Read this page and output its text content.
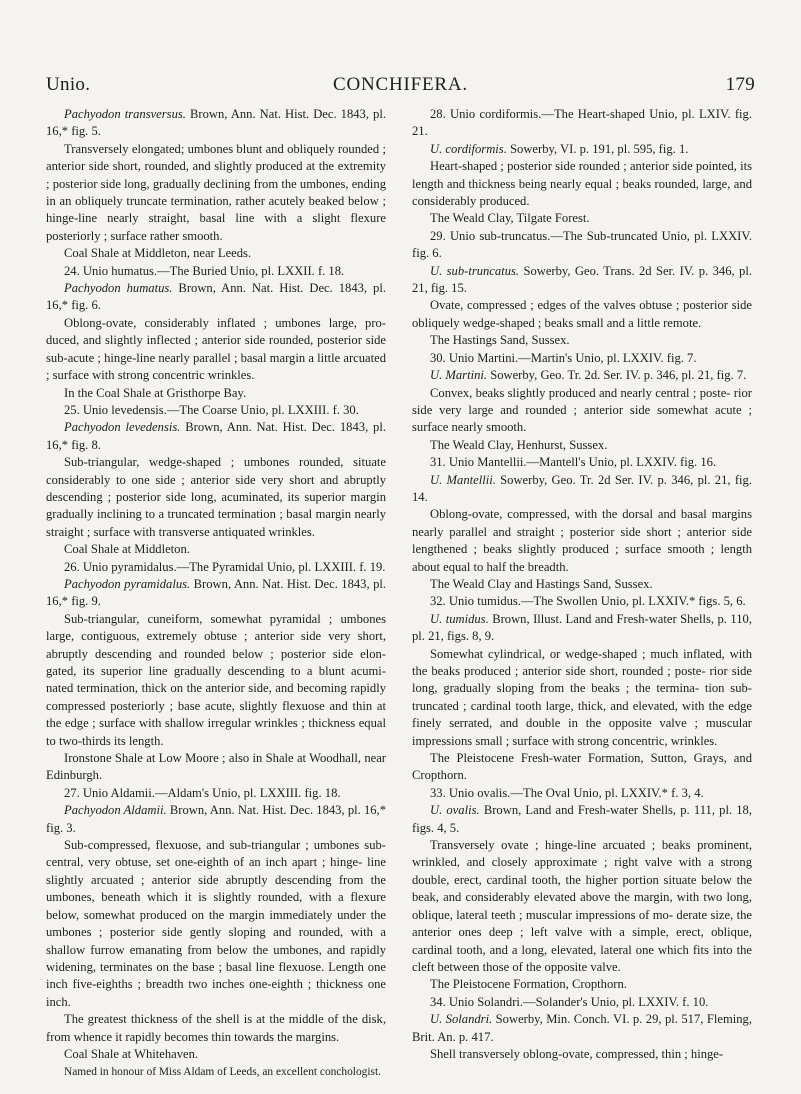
Unio.	CONCHIFERA.	179

Pachyodon transversus. Brown, Ann. Nat. Hist. Dec. 1843, pl. 16,* fig. 5.

Transversely elongated; umbones blunt and obliquely rounded ; anterior side short, rounded, and slightly produced at the extremity ; posterior side long, gradually declining from the umbones, ending in an obliquely truncate termination, rather acutely beaked below ; hinge-line nearly straight, basal line with a slight flexure posteriorly ; surface rather smooth.

Coal Shale at Middleton, near Leeds.

24. Unio humatus.—The Buried Unio, pl. LXXII. f. 18.

Pachyodon humatus. Brown, Ann. Nat. Hist. Dec. 1843, pl. 16,* fig. 6.

Oblong-ovate, considerably inflated ; umbones large, pro- duced, and slightly inflected ; anterior side rounded, posterior side sub-acute ; hinge-line nearly parallel ; basal margin a little arcuated ; surface with strong concentric wrinkles.

In the Coal Shale at Gristhorpe Bay.

25. Unio levedensis.—The Coarse Unio, pl. LXXIII. f. 30.

Pachyodon levedensis. Brown, Ann. Nat. Hist. Dec. 1843, pl. 16,* fig. 8.

Sub-triangular, wedge-shaped ; umbones rounded, situate considerably to one side ; anterior side very short and abruptly descending ; posterior side long, acuminated, its superior margin gradually inclining to a truncated termination ; basal margin nearly straight ; surface with transverse antiquated wrinkles.

Coal Shale at Middleton.

26. Unio pyramidalus.—The Pyramidal Unio, pl. LXXIII. f. 19.

Pachyodon pyramidalus. Brown, Ann. Nat. Hist. Dec. 1843, pl. 16,* fig. 9.

Sub-triangular, cuneiform, somewhat pyramidal ; umbones large, contiguous, extremely obtuse ; anterior side very short, abruptly descending and rounded below ; posterior side elon- gated, its superior line gradually descending to a blunt acumi- nated termination, thick on the anterior side, and becoming rapidly compressed posteriorly ; base acute, slightly flexuose and thin at the edge ; surface with shallow irregular wrinkles ; thickness equal to two-thirds its length.

Ironstone Shale at Low Moore ; also in Shale at Woodhall, near Edinburgh.

27. Unio Aldamii.—Aldam's Unio, pl. LXXIII. fig. 18.

Pachyodon Aldamii. Brown, Ann. Nat. Hist. Dec. 1843, pl. 16,* fig. 3.

Sub-compressed, flexuose, and sub-triangular ; umbones sub- central, very obtuse, set one-eighth of an inch apart ; hinge- line slightly arcuated ; anterior side abruptly descending from the umbones, beneath which it is slightly rounded, with a flexure below, somewhat produced on the margin immediately under the umbones ; posterior side gently sloping and rounded, with a shallow furrow emanating from below the umbones, and rapidly widening, terminates on the base ; basal line flexuose. Length one inch five-eighths ; breadth two inches one-eighth ; thickness one inch.

The greatest thickness of the shell is at the middle of the disk, from whence it rapidly becomes thin towards the margins.

Coal Shale at Whitehaven.

Named in honour of Miss Aldam of Leeds, an excellent conchologist.

28. Unio cordiformis.—The Heart-shaped Unio, pl. LXIV. fig. 21.

U. cordiformis. Sowerby, VI. p. 191, pl. 595, fig. 1.

Heart-shaped ; posterior side rounded ; anterior side pointed, its length and thickness being nearly equal ; beaks rounded, large, and considerably produced.

The Weald Clay, Tilgate Forest.

29. Unio sub-truncatus.—The Sub-truncated Unio, pl. LXXIV. fig. 6.

U. sub-truncatus. Sowerby, Geo. Trans. 2d Ser. IV. p. 346, pl. 21, fig. 15.

Ovate, compressed ; edges of the valves obtuse ; posterior side obliquely wedge-shaped ; beaks small and a little remote.

The Hastings Sand, Sussex.

30. Unio Martini.—Martin's Unio, pl. LXXIV. fig. 7.

U. Martini. Sowerby, Geo. Tr. 2d. Ser. IV. p. 346, pl. 21, fig. 7.

Convex, beaks slightly produced and nearly central ; poste- rior side very large and rounded ; anterior side somewhat acute ; surface nearly smooth.

The Weald Clay, Henhurst, Sussex.

31. Unio Mantellii.—Mantell's Unio, pl. LXXIV. fig. 16.

U. Mantellii. Sowerby, Geo. Tr. 2d Ser. IV. p. 346, pl. 21, fig. 14.

Oblong-ovate, compressed, with the dorsal and basal margins nearly parallel and straight ; posterior side short ; anterior side lengthened ; beaks slightly produced ; surface smooth ; length about equal to half the breadth.

The Weald Clay and Hastings Sand, Sussex.

32. Unio tumidus.—The Swollen Unio, pl. LXXIV.* figs. 5, 6.

U. tumidus. Brown, Illust. Land and Fresh-water Shells, p. 110, pl. 21, figs. 8, 9.

Somewhat cylindrical, or wedge-shaped ; much inflated, with the beaks produced ; anterior side short, rounded ; poste- rior side long, gradually sloping from the beaks ; the termina- tion sub-truncated ; cardinal tooth large, thick, and elevated, with the edge finely serrated, and double in the opposite valve ; muscular impressions small ; surface with strong concentric, wrinkles.

The Pleistocene Fresh-water Formation, Sutton, Grays, and Cropthorn.

33. Unio ovalis.—The Oval Unio, pl. LXXIV.* f. 3, 4.

U. ovalis. Brown, Land and Fresh-water Shells, p. 111, pl. 18, figs. 4, 5.

Transversely ovate ; hinge-line arcuated ; beaks prominent, wrinkled, and closely approximate ; right valve with a strong double, erect, cardinal tooth, the higher portion situate below the beak, and considerably elevated above the margin, with two long, oblique, lateral teeth ; muscular impressions of mo- derate size, the anterior ones deep ; left valve with a simple, erect, oblique, cardinal tooth, and a long, elevated, lateral one which fits into the cleft between those of the opposite valve.

The Pleistocene Formation, Cropthorn.

34. Unio Solandri.—Solander's Unio, pl. LXXIV. f. 10.

U. Solandri. Sowerby, Min. Conch. VI. p. 29, pl. 517, Fleming, Brit. An. p. 417.

Shell transversely oblong-ovate, compressed, thin ; hinge-
